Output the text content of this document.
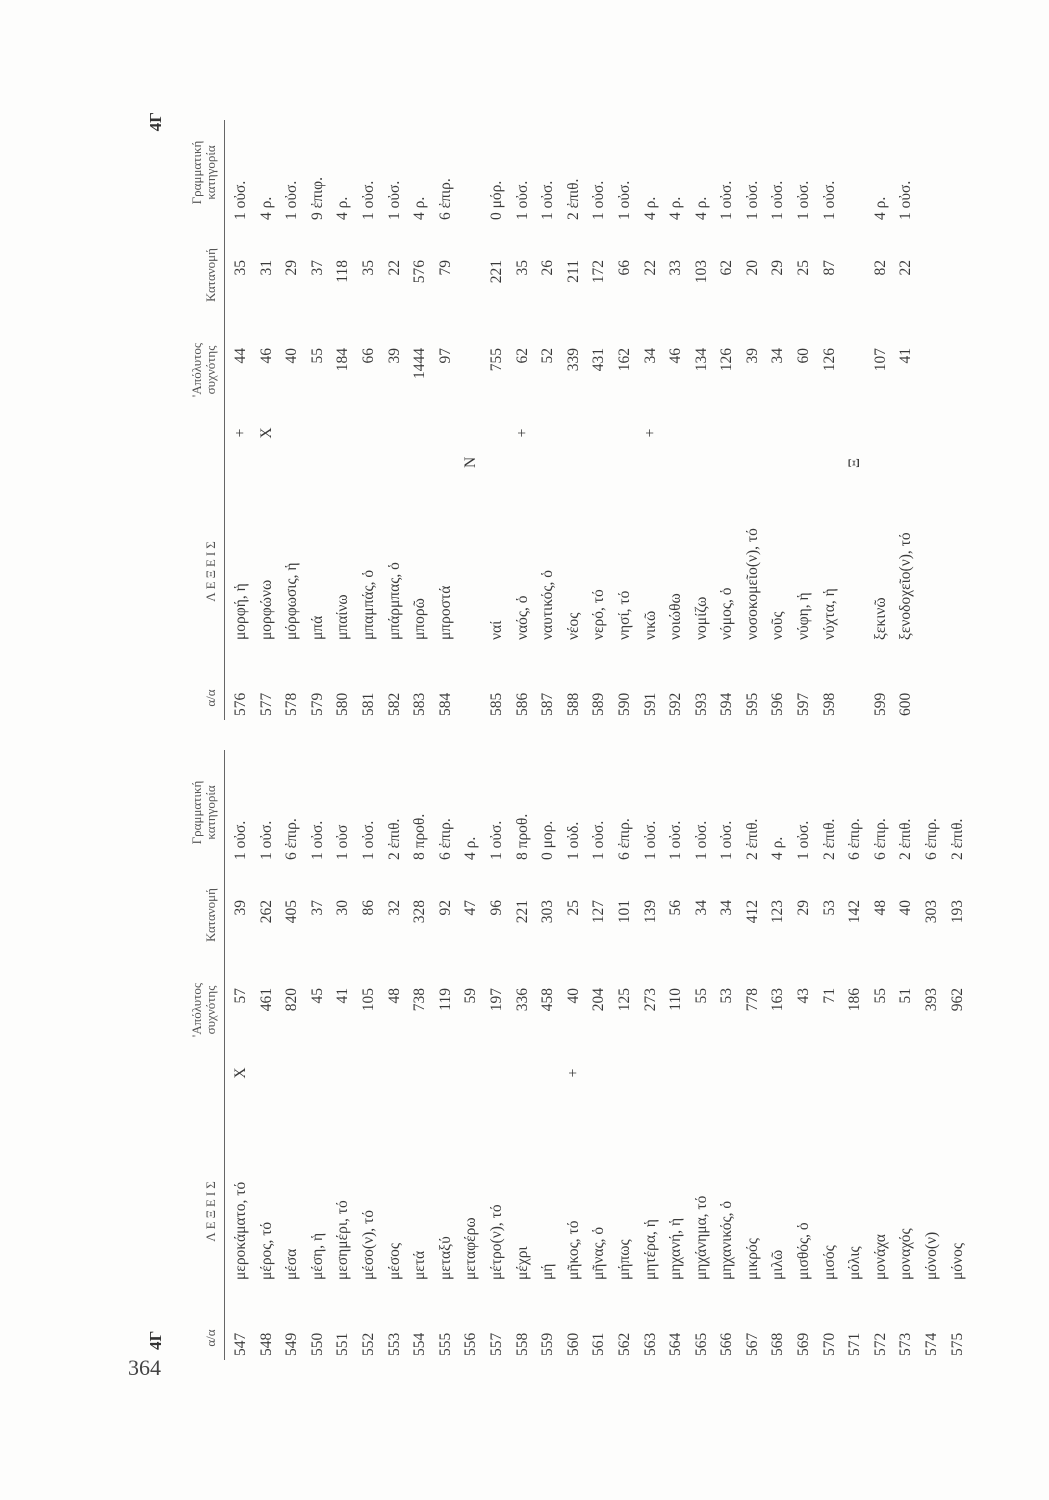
364
4Γ	α/α
ΛΕΞΕΙΣ
'Απόλυτος συχνότης
Κατανομή
Γραμματική κατηγορία
547
Χ
μεροκάματο, τό
57
39
1 οὐσ.
548
μέρος, τό
461
262
1 οὐσ.
549
μέσα
820
405
6 ἐπιρ.
550
μέση, ἡ
45
37
1 οὐσ.
551
μεσημέρι, τό
41
30
1 οὐσ
552
μέσο(ν), τό
105
86
1 οὐσ.
553
μέσος
48
32
2 ἐπιθ.
554
μετά
738
328
8 προθ.
555
μεταξύ
119
92
6 ἐπιρ.
556
μεταφέρω
59
47
4 ρ.
557
μέτρο(ν), τό
197
96
1 οὐσ.
558
μέχρι
336
221
8 προθ.
559
μή
458
303
0 μορ.
560
+
μῆκος, τό
40
25
1 οὐδ.
561
μῆνας, ὁ
204
127
1 οὐσ.
562
μήπως
125
101
6 ἐπιρ.
563
μητέρα, ἡ
273
139
1 οὐσ.
564
μηχανή, ἡ
110
56
1 οὐσ.
565
μηχάνημα, τό
55
34
1 οὐσ.
566
μηχανικός, ὁ
53
34
1 οὐσ.
567
μικρός
778
412
2 ἐπιθ.
568
μιλῶ
163
123
4 ρ.
569
μισθός, ὁ
43
29
1 οὐσ.
570
μισός
71
53
2 ἐπιθ.
571
μόλις
186
142
6 ἐπιρ.
572
μονάχα
55
48
6 ἐπιρ.
573
μοναχός
51
40
2 ἐπιθ.
574
μόνο(ν)
393
303
6 ἐπιρ.
575
μόνος
962
193
2 ἐπιθ.
4Γ
α/α
ΛΕΞΕΙΣ
'Απόλυτος συχνότης
Κατανομή
Γραμματική κατηγορία
576
+
μορφή, ἡ
44
35
1 οὐσ.
577
Χ
μορφώνω
46
31
4 ρ.
578
μόρφωσις, ἡ
40
29
1 οὐσ.
579
μπά
55
37
9 ἐπιφ.
580
μπαίνω
184
118
4 ρ.
581
μπαμπάς, ὁ
66
35
1 οὐσ.
582
μπάρμπας, ὁ
39
22
1 οὐσ.
583
μπορῶ
1444
576
4 ρ.
584
μπροστά
97
79
6 ἐπιρ.
Ν
585
ναί
755
221
0 μόρ.
586
+
ναός, ὁ
62
35
1 οὐσ.
587
ναυτικός, ὁ
52
26
1 οὐσ.
588
νέος
339
211
2 ἐπιθ.
589
νερό, τό
431
172
1 οὐσ.
590
νησί, τό
162
66
1 οὐσ.
591
+
νικῶ
34
22
4 ρ.
592
νοιώθω
46
33
4 ρ.
593
νομίζω
134
103
4 ρ.
594
νόμος, ὁ
126
62
1 οὐσ.
595
νοσοκομεῖο(ν), τό
39
20
1 οὐσ.
596
νοῦς
34
29
1 οὐσ.
597
νύφη, ἡ
60
25
1 οὐσ.
598
νύχτα, ἡ
126
87
1 οὐσ.
Ξ
599
ξεκινῶ
107
82
4 ρ.
600
ξενοδοχεῖο(ν), τό
41
22
1 οὐσ.
